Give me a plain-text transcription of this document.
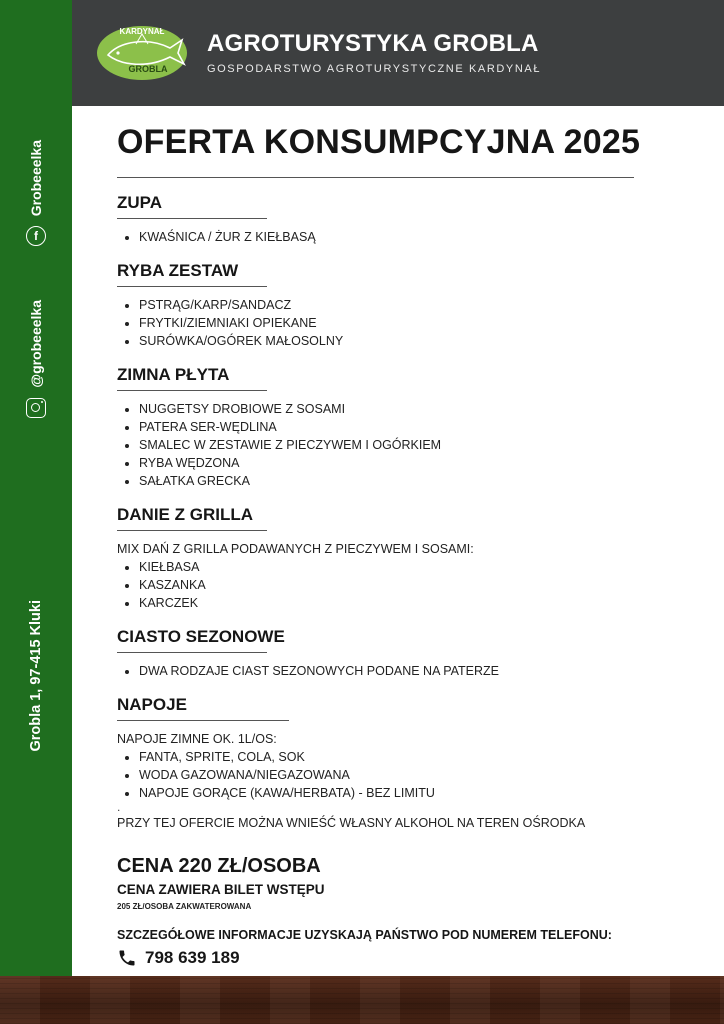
f
Grobeeelka
@grobeeelka
Grobla 1, 97-415 Kluki
KARDYNAŁ
GROBLA
AGROTURYSTYKA GROBLA
GOSPODARSTWO AGROTURYSTYCZNE KARDYNAŁ
OFERTA KONSUMPCYJNA 2025
ZUPA
• KWAŚNICA / ŻUR Z KIEŁBASĄ
RYBA ZESTAW
• PSTRĄG/KARP/SANDACZ
• FRYTKI/ZIEMNIAKI OPIEKANE
• SURÓWKA/OGÓREK MAŁOSOLNY
ZIMNA PŁYTA
• NUGGETSY DROBIOWE Z SOSAMI
• PATERA SER-WĘDLINA
• SMALEC W ZESTAWIE Z PIECZYWEM I OGÓRKIEM
• RYBA WĘDZONA
• SAŁATKA GRECKA
DANIE Z GRILLA
MIX DAŃ Z GRILLA PODAWANYCH Z PIECZYWEM I SOSAMI:
• KIEŁBASA
• KASZANKA
• KARCZEK
CIASTO SEZONOWE
• DWA RODZAJE CIAST SEZONOWYCH PODANE NA PATERZE
NAPOJE
NAPOJE ZIMNE OK. 1L/OS:
• FANTA, SPRITE, COLA, SOK
• WODA GAZOWANA/NIEGAZOWANA
• NAPOJE GORĄCE (KAWA/HERBATA) - BEZ LIMITU
.
PRZY TEJ OFERCIE MOŻNA WNIEŚĆ WŁASNY ALKOHOL NA TEREN OŚRODKA
CENA 220 ZŁ/OSOBA
CENA ZAWIERA BILET WSTĘPU
205 ZŁ/OSOBA ZAKWATEROWANA
SZCZEGÓŁOWE INFORMACJE UZYSKAJĄ PAŃSTWO POD NUMEREM TELEFONU:
798 639 189
